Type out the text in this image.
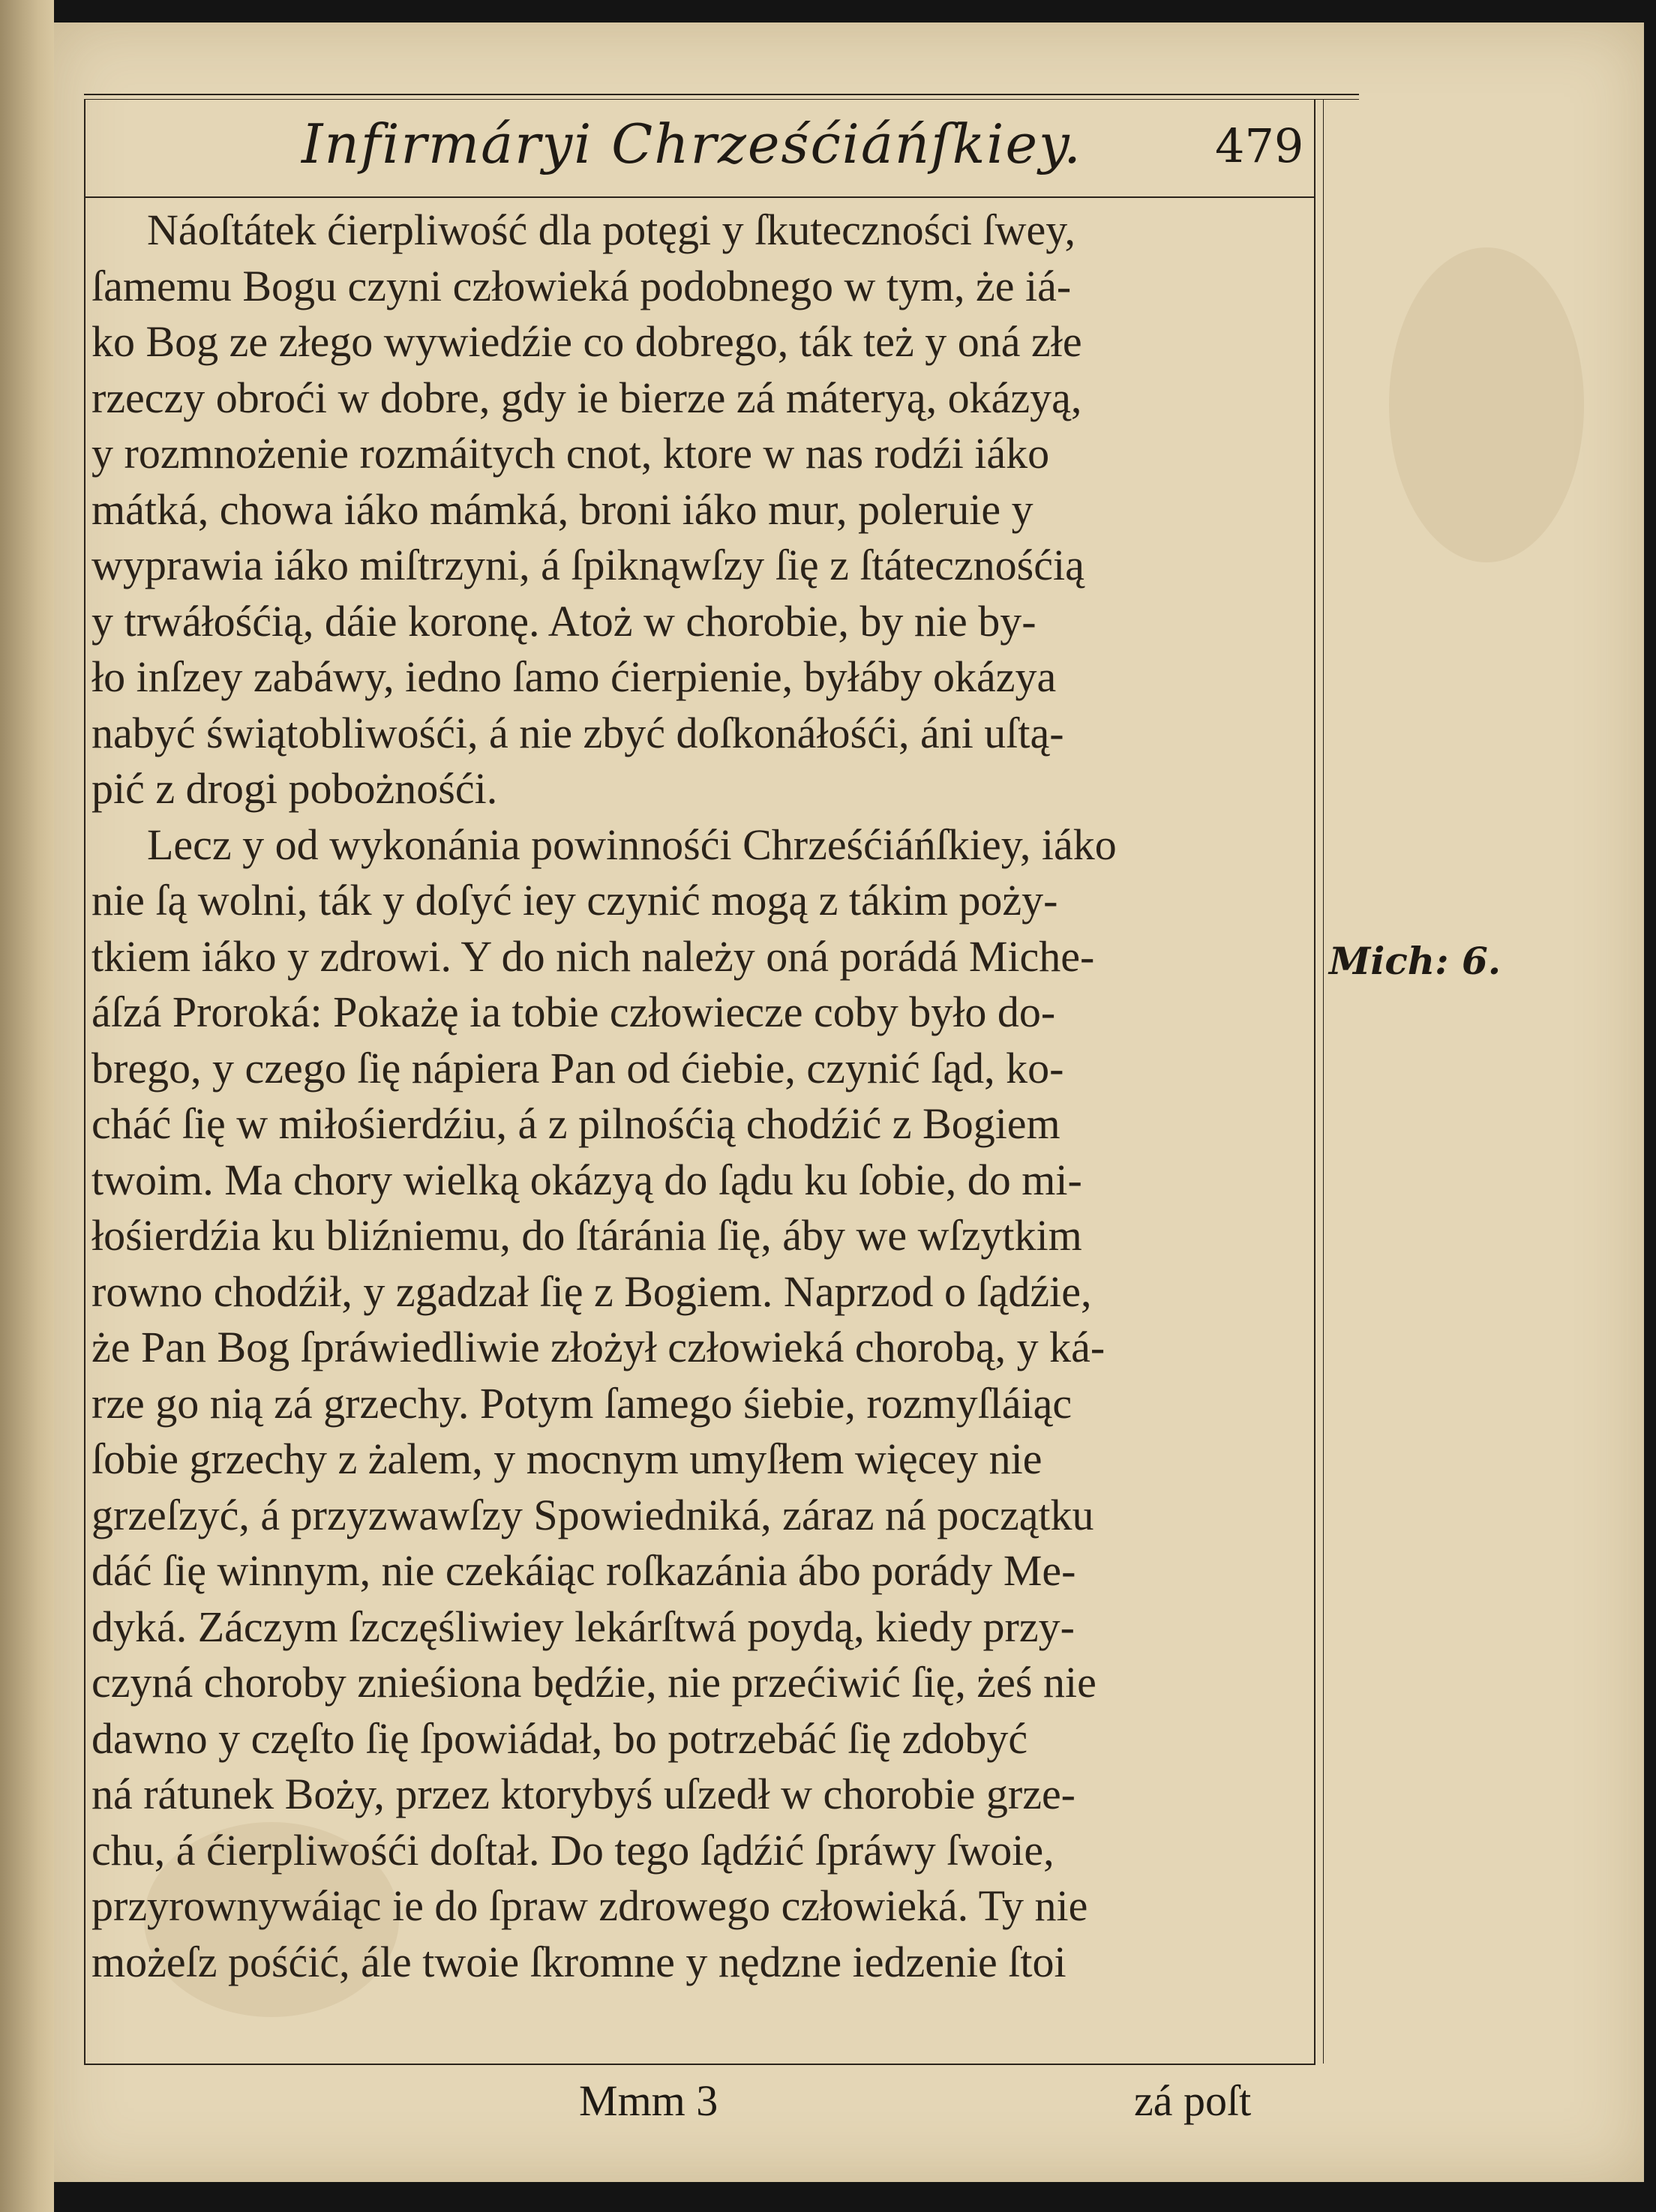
Infirmáryi Chrześćiáńſkiey.	479
Náoſtátek ćierpliwość dla potęgi y ſkuteczności ſwey,
ſamemu Bogu czyni człowieká podobnego w tym, że iá-
ko Bog ze złego wywiedźie co dobrego, ták też y oná złe
rzeczy obroći w dobre, gdy ie bierze zá máteryą, okázyą,
y rozmnożenie rozmáitych cnot, ktore w nas rodźi iáko
mátká, chowa iáko mámká, broni iáko mur, poleruie y
wyprawia iáko miſtrzyni, á ſpiknąwſzy ſię z ſtátecznośćią
y trwáłośćią, dáie koronę. Atoż w chorobie, by nie by-
ło inſzey zabáwy, iedno ſamo ćierpienie, byłáby okázya
nabyć świątobliwośći, á nie zbyć doſkonáłośći, áni uſtą-
pić z drogi pobożnośći.
Lecz y od wykonánia powinnośći Chrześćiáńſkiey, iáko
nie ſą wolni, ták y doſyć iey czynić mogą z tákim poży-
tkiem iáko y zdrowi. Y do nich należy oná porádá Miche-
áſzá Proroká: Pokażę ia tobie człowiecze coby było do-
brego, y czego ſię nápiera Pan od ćiebie, czynić ſąd, ko-
cháć ſię w miłośierdźiu, á z pilnośćią chodźić z Bogiem
twoim. Ma chory wielką okázyą do ſądu ku ſobie, do mi-
łośierdźia ku bliźniemu, do ſtáránia ſię, áby we wſzytkim
rowno chodźił, y zgadzał ſię z Bogiem. Naprzod o ſądźie,
że Pan Bog ſpráwiedliwie złożył człowieká chorobą, y ká-
rze go nią zá grzechy. Potym ſamego śiebie, rozmyſláiąc
ſobie grzechy z żalem, y mocnym umyſłem więcey nie
grzeſzyć, á przyzwawſzy Spowiedniká, záraz ná początku
dáć ſię winnym, nie czekáiąc roſkazánia ábo porády Me-
dyká. Záczym ſzczęśliwiey lekárſtwá poydą, kiedy przy-
czyná choroby znieśiona będźie, nie przećiwić ſię, żeś nie
dawno y częſto ſię ſpowiádał, bo potrzebáć ſię zdobyć
ná rátunek Boży, przez ktorybyś uſzedł w chorobie grze-
chu, á ćierpliwośći doſtał. Do tego ſądźić ſpráwy ſwoie,
przyrownywáiąc ie do ſpraw zdrowego człowieká. Ty nie
możeſz pośćić, ále twoie ſkromne y nędzne iedzenie ſtoi
Mich: 6.
Mmm 3	zá poſt
